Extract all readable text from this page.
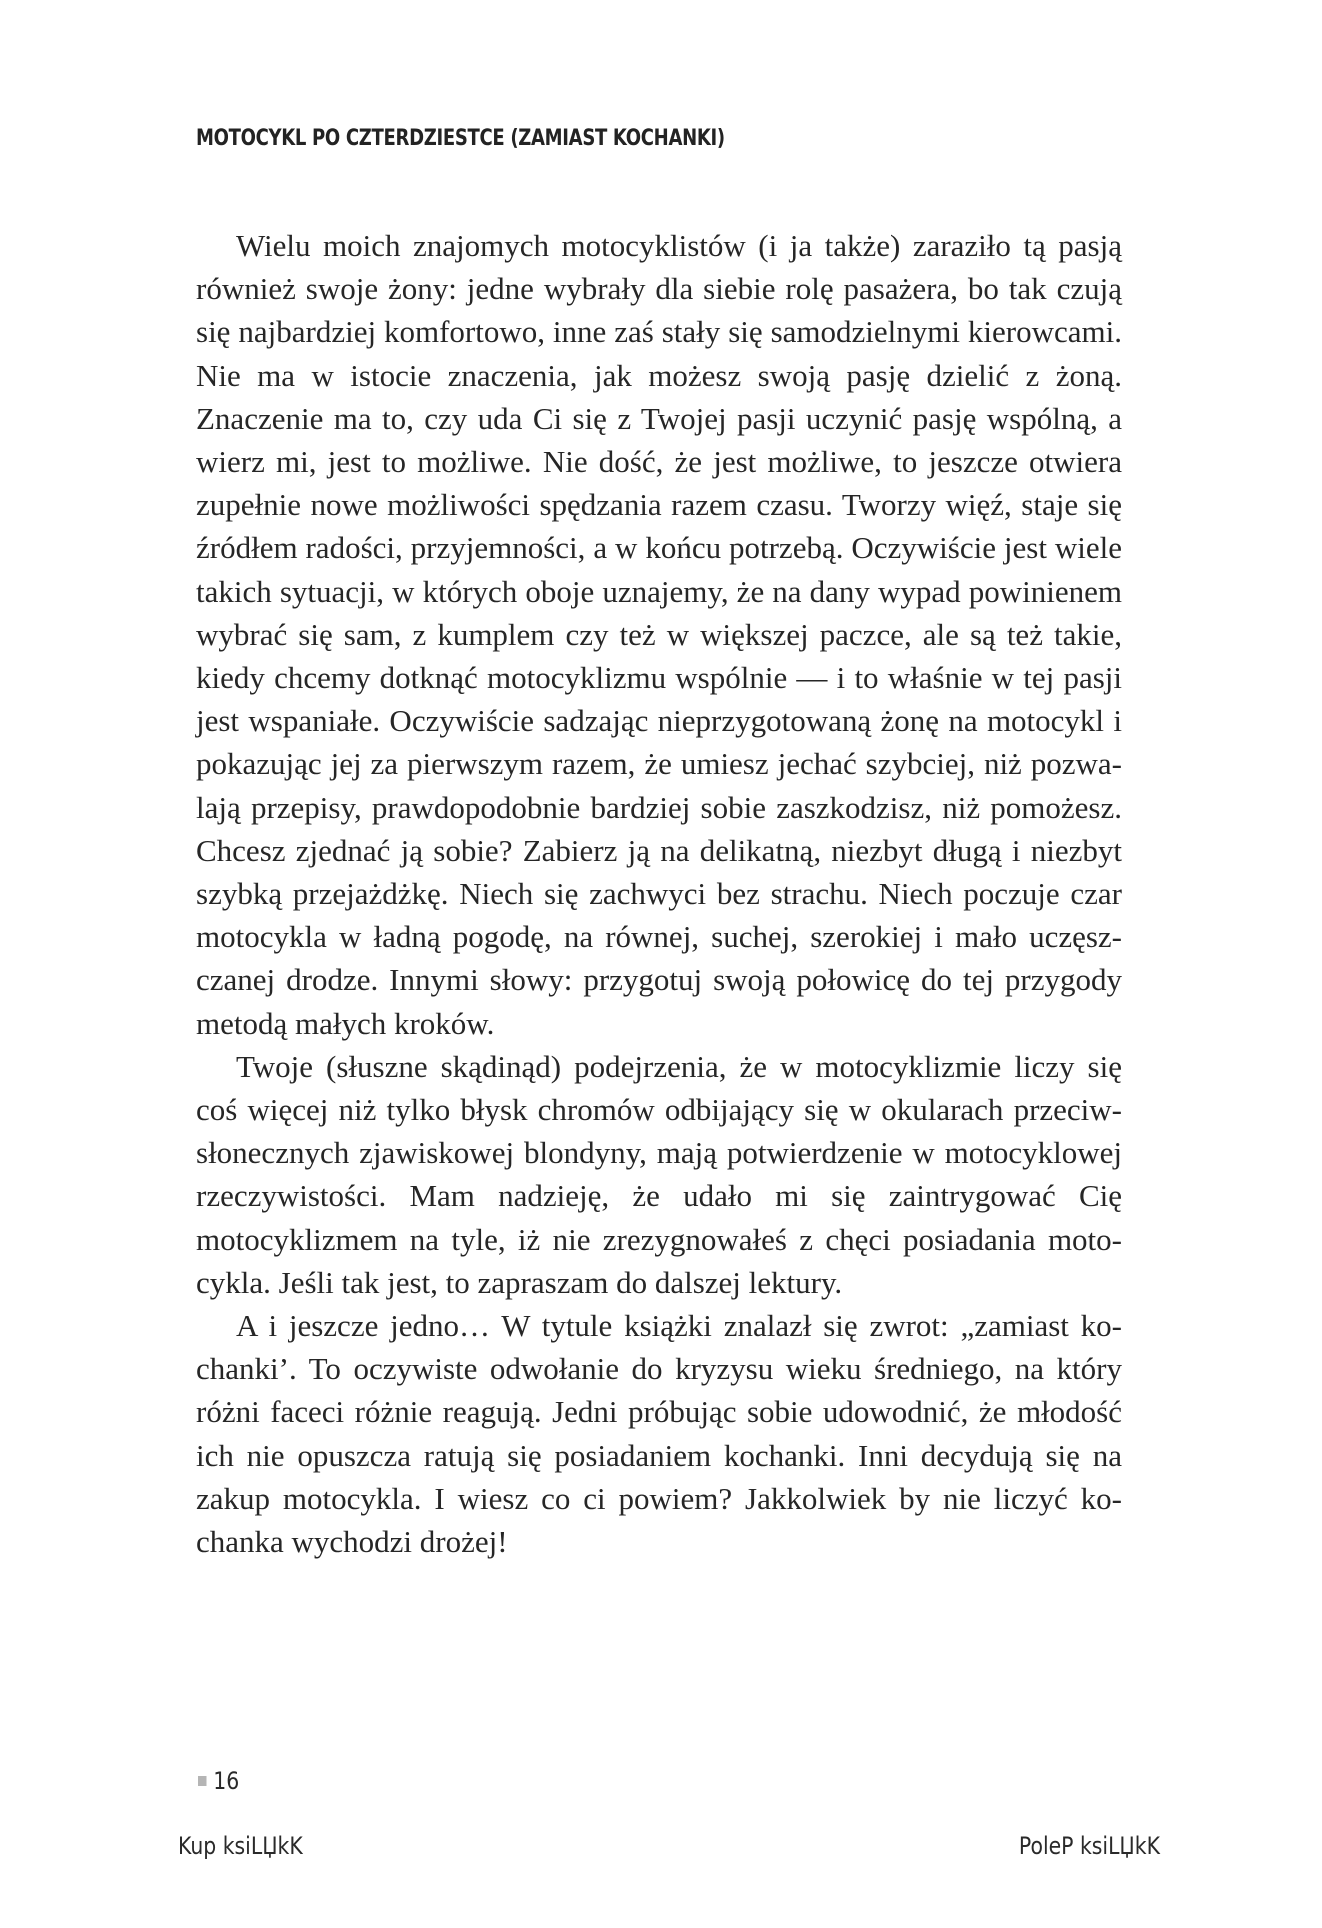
MOTOCYKL PO CZTERDZIESTCE (ZAMIAST KOCHANKI)

Wielu moich znajomych motocyklistów (i ja także) zaraziło tą pasją również swoje żony: jedne wybrały dla siebie rolę pasażera, bo tak czują się najbardziej komfortowo, inne zaś stały się samodzielnymi kierowcami. Nie ma w istocie znaczenia, jak możesz swoją pasję dzielić z żoną. Znaczenie ma to, czy uda Ci się z Twojej pasji uczynić pasję wspólną, a wierz mi, jest to możliwe. Nie dość, że jest możliwe, to jeszcze otwiera zupełnie nowe możliwości spędzania razem czasu. Tworzy więź, staje się źródłem radości, przyjemności, a w końcu potrzebą. Oczywiście jest wiele takich sytuacji, w których oboje uznajemy, że na dany wypad powinienem wybrać się sam, z kumplem czy też w większej paczce, ale są też takie, kiedy chcemy dotknąć motocyklizmu wspólnie — i to właśnie w tej pasji jest wspaniałe. Oczywiście sadzając nieprzygotowaną żonę na motocykl i pokazując jej za pierwszym razem, że umiesz jechać szybciej, niż pozwalają przepisy, prawdopodobnie bardziej sobie zaszkodzisz, niż pomożesz. Chcesz zjednać ją sobie? Zabierz ją na delikatną, niezbyt długą i niezbyt szybką przejażdżkę. Niech się zachwyci bez strachu. Niech poczuje czar motocykla w ładną pogodę, na równej, suchej, szerokiej i mało uczęszczanej drodze. Innymi słowy: przygotuj swoją połowicę do tej przygody metodą małych kroków.

Twoje (słuszne skądinąd) podejrzenia, że w motocyklizmie liczy się coś więcej niż tylko błysk chromów odbijający się w okularach przeciwsłonecznych zjawiskowej blondyny, mają potwierdzenie w motocyklowej rzeczywistości. Mam nadzieję, że udało mi się zaintrygować Cię motocyklizmem na tyle, iż nie zrezygnowałeś z chęci posiadania motocykla. Jeśli tak jest, to zapraszam do dalszej lektury.

A i jeszcze jedno… W tytule książki znalazł się zwrot: „zamiast kochanki’. To oczywiste odwołanie do kryzysu wieku średniego, na który różni faceci różnie reagują. Jedni próbując sobie udowodnić, że młodość ich nie opuszcza ratują się posiadaniem kochanki. Inni decydują się na zakup motocykla. I wiesz co ci powiem? Jakkolwiek by nie liczyć kochanka wychodzi drożej!

16
Kup ksiLЏkK	PoleP ksiLЏkK
